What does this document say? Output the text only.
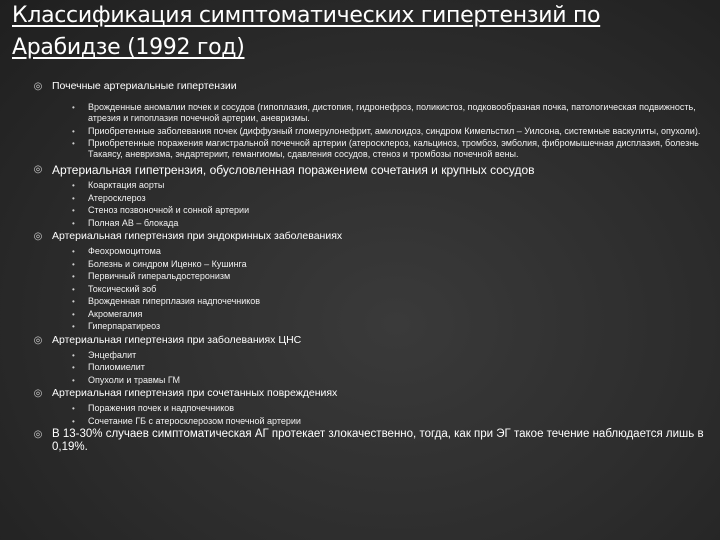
Классификация симптоматических гипертензий по Арабидзе (1992 год)
◎
Почечные артериальные гипертензии
• Врожденные аномалии почек и сосудов (гипоплазия, дистопия, гидронефроз, поликистоз, подковообразная почка, патологическая подвижность, атрезия и гипоплазия почечной артерии, аневризмы.
• Приобретенные заболевания почек (диффузный гломерулонефрит, амилоидоз, синдром Кимельстил – Уилсона, системные васкулиты, опухоли).
• Приобретенные поражения магистральной почечной артерии (атеросклероз, кальциноз, тромбоз, эмболия, фибромышечная дисплазия, болезнь Такаясу, аневризма, эндартериит, гемангиомы, сдавления сосудов, стеноз и тромбозы почечной вены.
◎
Артериальная гипетрензия, обусловленная поражением сочетания и крупных сосудов
• Коарктация аорты
• Атеросклероз
• Стеноз позвоночной и сонной артерии
• Полная АВ – блокада
◎
Артериальная гипертензия при эндокринных заболеваниях
• Феохромоцитома
• Болезнь и синдром Иценко – Кушинга
• Первичный гиперальдостеронизм
• Токсический зоб
• Врожденная гиперплазия надпочечников
• Акромегалия
• Гиперпаратиреоз
◎
Артериальная гипертензия при заболеваниях ЦНС
• Энцефалит
• Полиомиелит
• Опухоли и травмы ГМ
◎
Артериальная гипертензия при сочетанных повреждениях
• Поражения почек и надпочечников
• Сочетание ГБ с атеросклерозом почечной артерии
◎
В 13-30% случаев симптоматическая АГ протекает злокачественно, тогда, как при ЭГ такое течение наблюдается лишь в 0,19%.
